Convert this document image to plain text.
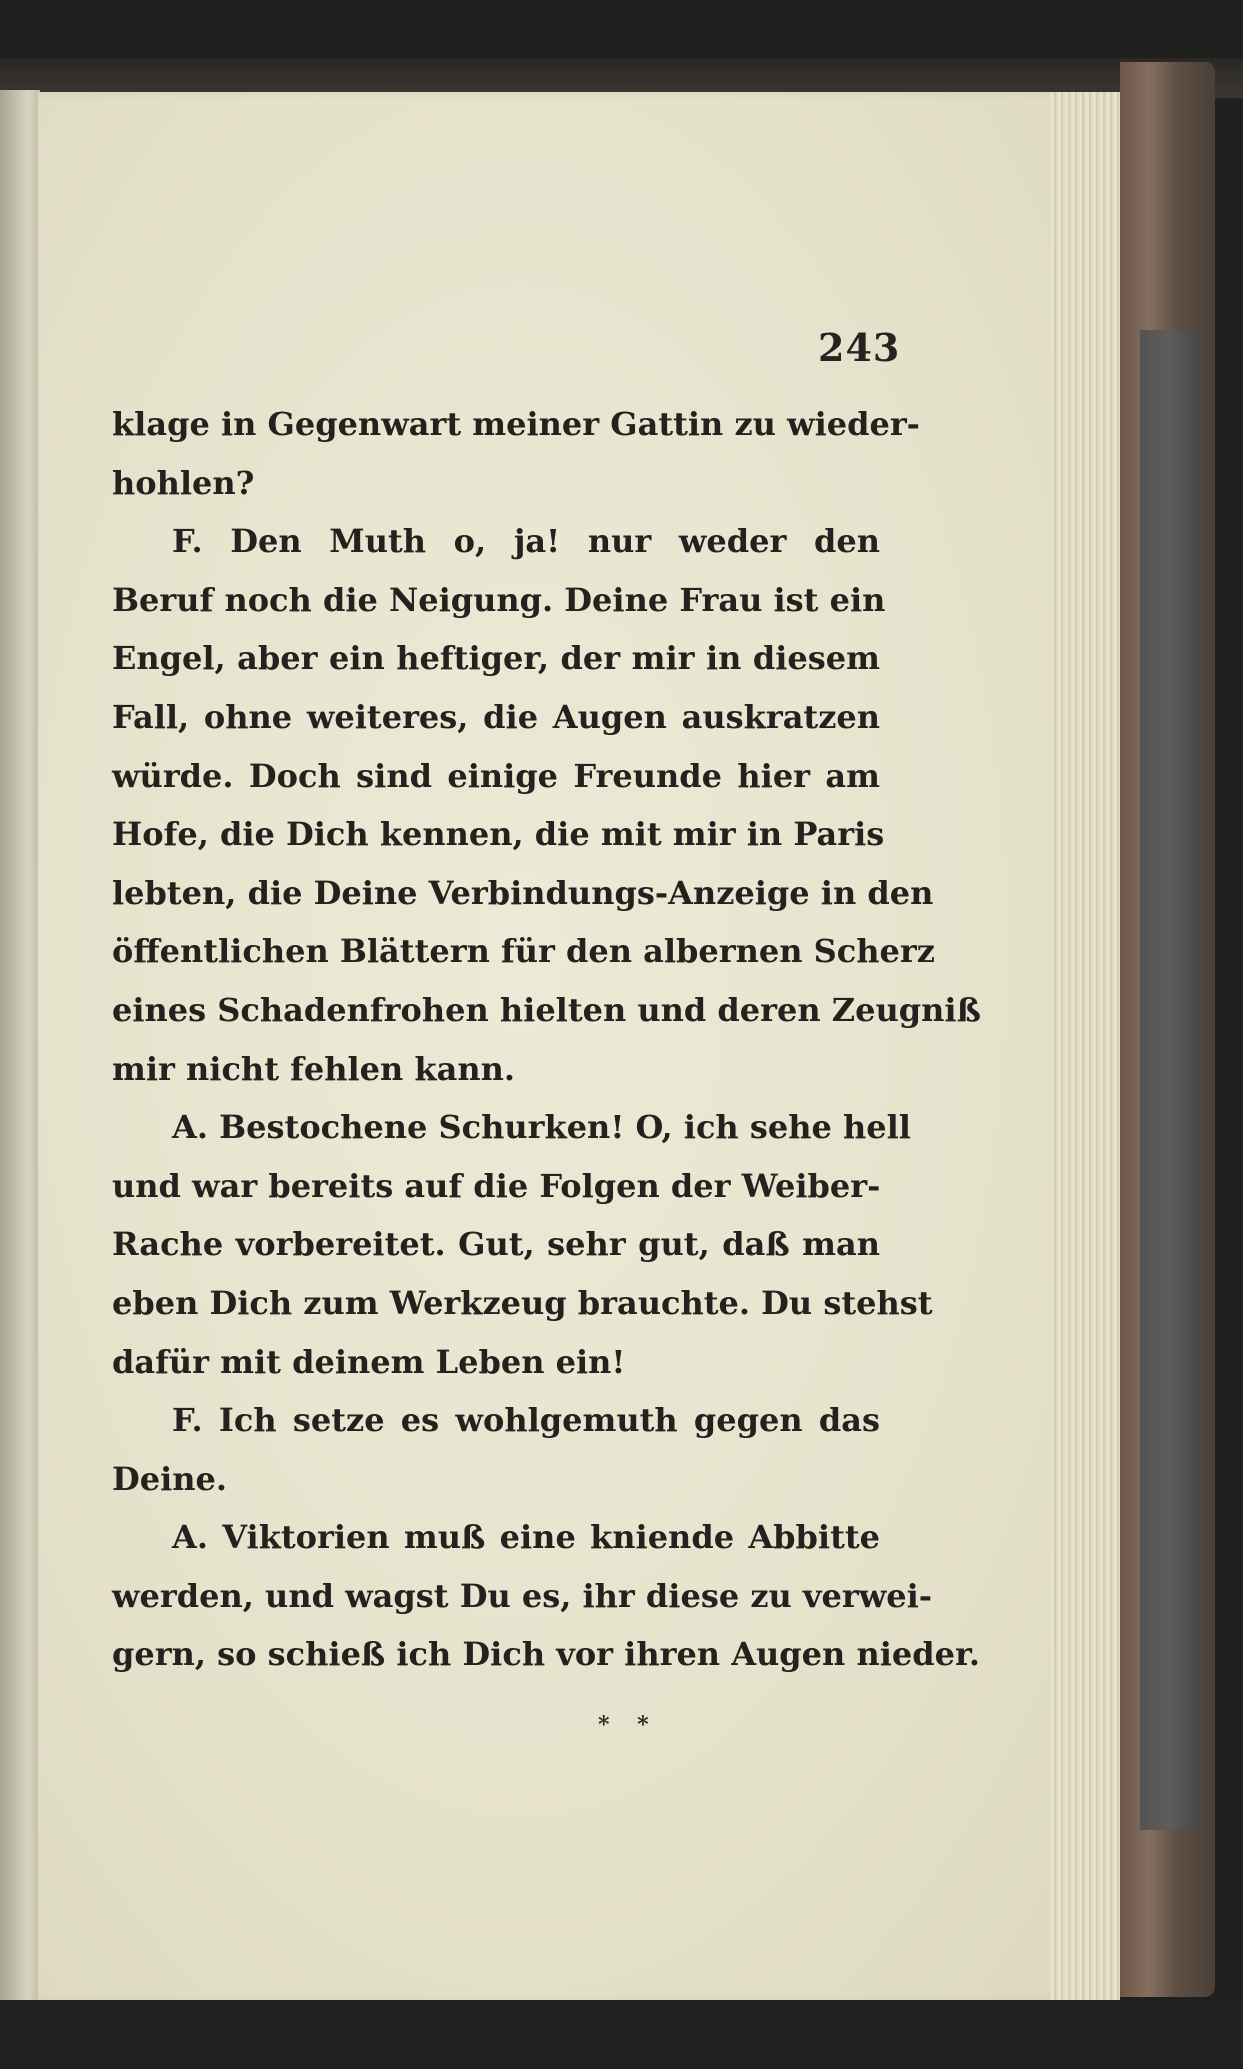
243
klage in Gegenwart meiner Gattin zu wieder-
hohlen?
F. Den Muth o, ja! nur weder den
Beruf noch die Neigung. Deine Frau ist ein
Engel, aber ein heftiger, der mir in diesem
Fall, ohne weiteres, die Augen auskratzen
würde. Doch sind einige Freunde hier am
Hofe, die Dich kennen, die mit mir in Paris
lebten, die Deine Verbindungs-Anzeige in den
öffentlichen Blättern für den albernen Scherz
eines Schadenfrohen hielten und deren Zeugniß
mir nicht fehlen kann.
A. Bestochene Schurken! O, ich sehe hell
und war bereits auf die Folgen der Weiber-
Rache vorbereitet. Gut, sehr gut, daß man
eben Dich zum Werkzeug brauchte. Du stehst
dafür mit deinem Leben ein!
F. Ich setze es wohlgemuth gegen das
Deine.
A. Viktorien muß eine kniende Abbitte
werden, und wagst Du es, ihr diese zu verwei-
gern, so schieß ich Dich vor ihren Augen nieder.
* *
